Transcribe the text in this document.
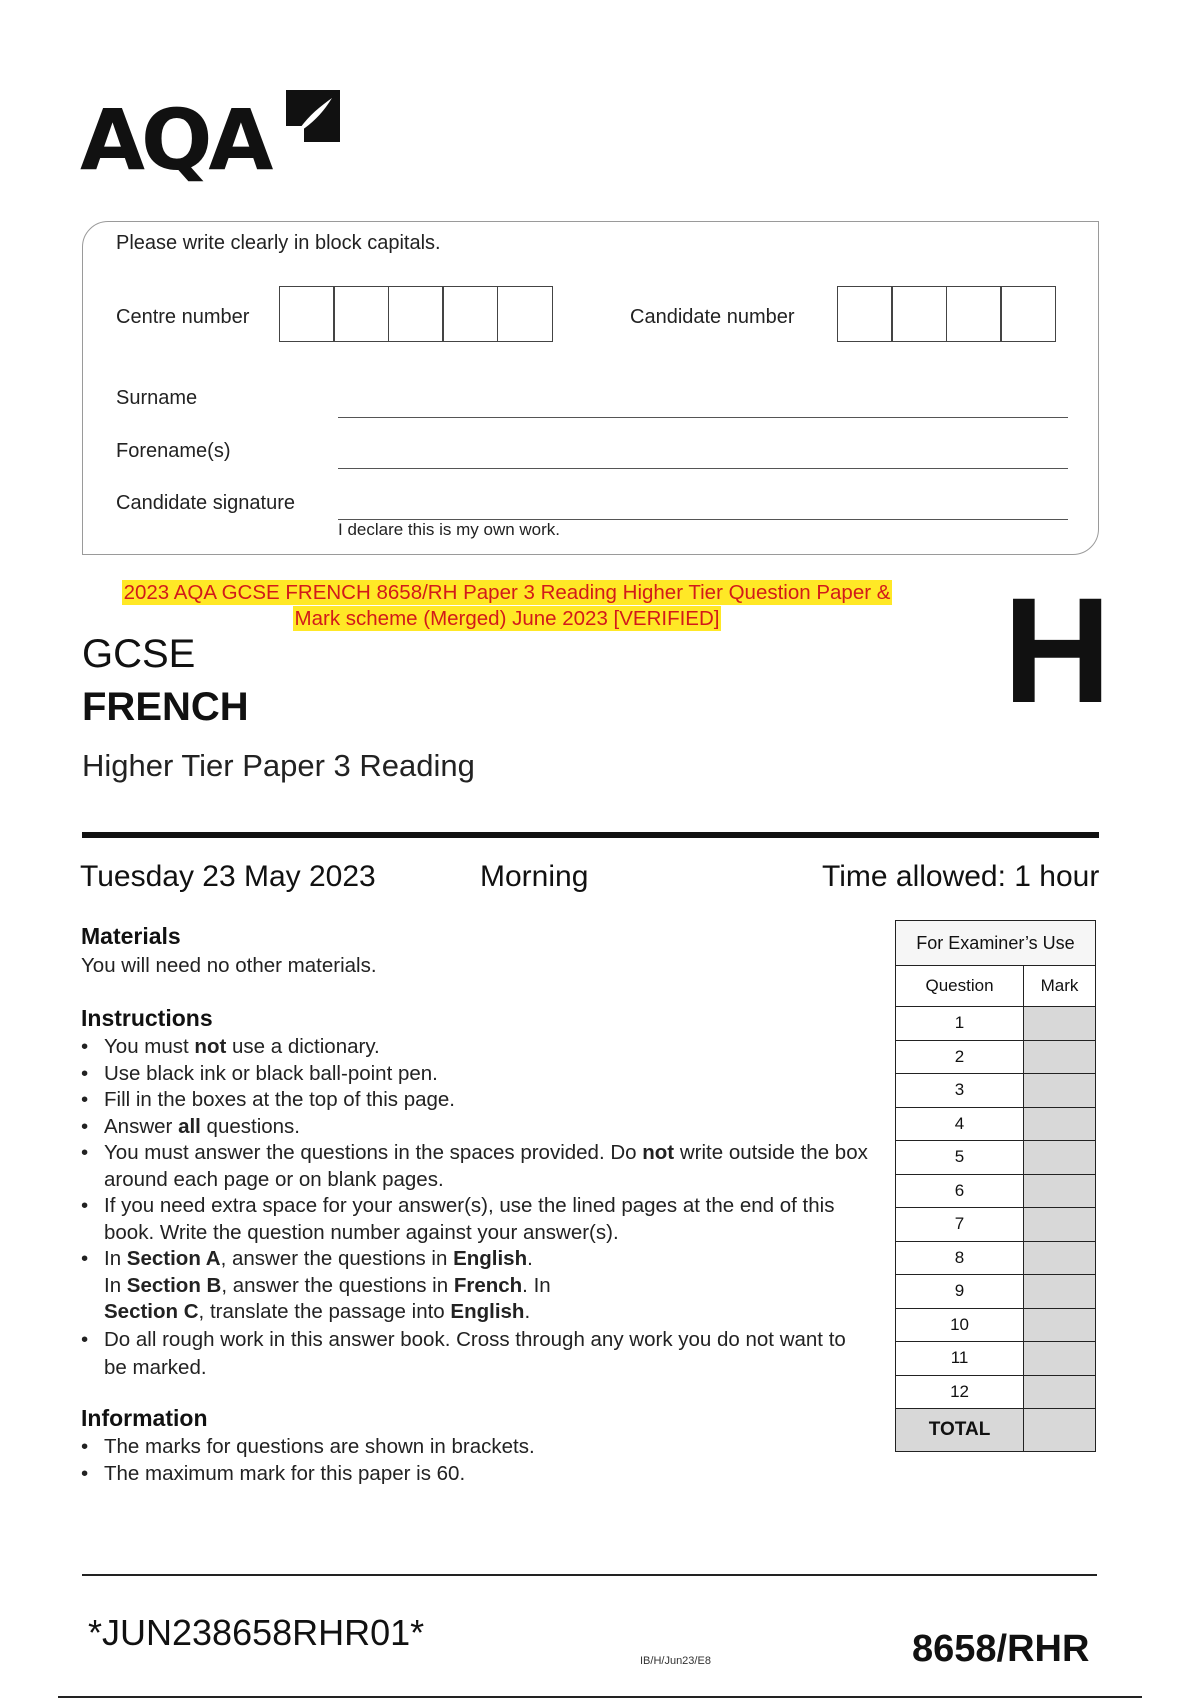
AQA
Please write clearly in block capitals.
Centre number	Candidate number
Surname
Forename(s)
Candidate signature
I declare this is my own work.
2023 AQA GCSE FRENCH 8658/RH Paper 3 Reading Higher Tier Question Paper &
Mark scheme (Merged) June 2023 [VERIFIED]	H
GCSE
FRENCH
Higher Tier Paper 3 Reading
Tuesday 23 May 2023	Morning	Time allowed: 1 hour
Materials
You will need no other materials.
Instructions
• You must not use a dictionary.
• Use black ink or black ball-point pen.
• Fill in the boxes at the top of this page.
• Answer all questions.
• You must answer the questions in the spaces provided. Do not write outside the box around each page or on blank pages.
• If you need extra space for your answer(s), use the lined pages at the end of this book. Write the question number against your answer(s).
• In Section A, answer the questions in English.
In Section B, answer the questions in French. In
Section C, translate the passage into English.
• Do all rough work in this answer book. Cross through any work you do not want to be marked.
Information
• The marks for questions are shown in brackets.
• The maximum mark for this paper is 60.
For Examiner’s Use	
Question	Mark
1	
2	
3	
4	
5	
6	
7	
8	
9	
10	
11	
12	
TOTAL	
*JUN238658RHR01*
IB/H/Jun23/E8	8658/RHR
